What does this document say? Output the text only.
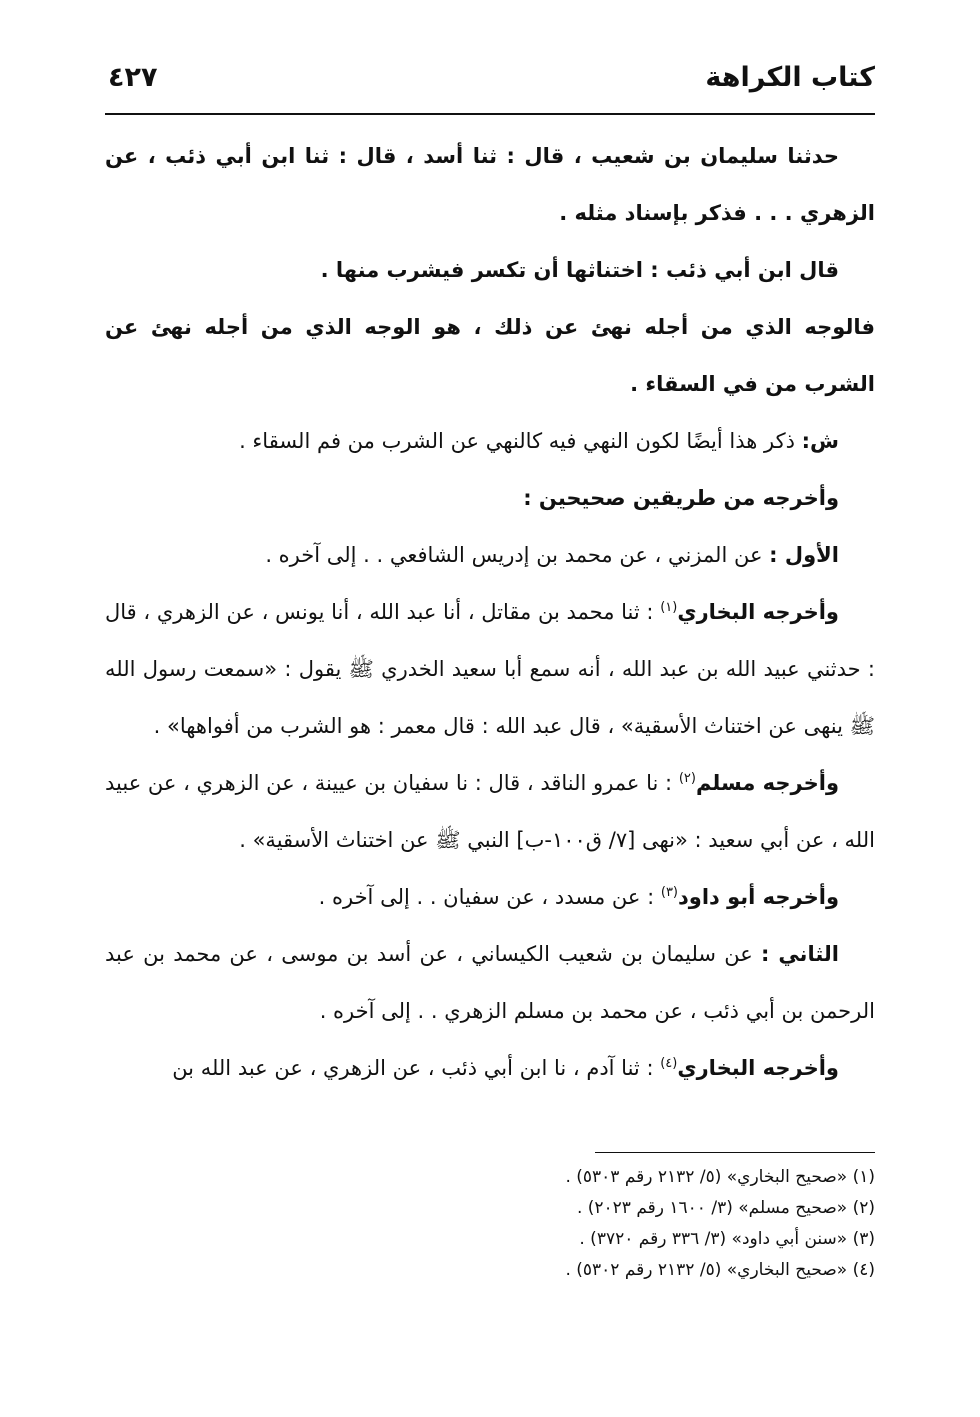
كتاب الكراهة
٤٢٧

حدثنا سليمان بن شعيب ، قال : ثنا أسد ، قال : ثنا ابن أبي ذئب ، عن الزهري . . . فذكر بإسناد مثله .

قال ابن أبي ذئب : اختناثها أن تكسر فيشرب منها .

فالوجه الذي من أجله نهئ عن ذلك ، هو الوجه الذي من أجله نهئ عن الشرب من في السقاء .

ش: ذكر هذا أيضًا لكون النهي فيه كالنهي عن الشرب من فم السقاء .

وأخرجه من طريقين صحيحين :

الأول : عن المزني ، عن محمد بن إدريس الشافعي . . إلى آخره .

وأخرجه البخاري$^{(١)}$ : ثنا محمد بن مقاتل ، أنا عبد الله ، أنا يونس ، عن الزهري ، قال : حدثني عبيد الله بن عبد الله ، أنه سمع أبا سعيد الخدري ﷺ يقول : «سمعت رسول الله ﷺ ينهى عن اختناث الأسقية» ، قال عبد الله : قال معمر : هو الشرب من أفواهها» .

وأخرجه مسلم$^{(٢)}$ : نا عمرو الناقد ، قال : نا سفيان بن عيينة ، عن الزهري ، عن عبيد الله ، عن أبي سعيد : «نهى [٧/ ق١٠٠-ب] النبي ﷺ عن اختناث الأسقية» .

وأخرجه أبو داود$^{(٣)}$ : عن مسدد ، عن سفيان . . إلى آخره .

الثاني : عن سليمان بن شعيب الكيساني ، عن أسد بن موسى ، عن محمد بن عبد الرحمن بن أبي ذئب ، عن محمد بن مسلم الزهري . . إلى آخره .

وأخرجه البخاري$^{(٤)}$ : ثنا آدم ، نا ابن أبي ذئب ، عن الزهري ، عن عبد الله بن

(١) «صحيح البخاري» (٥/ ٢١٣٢ رقم ٥٣٠٣) .

(٢) «صحيح مسلم» (٣/ ١٦٠٠ رقم ٢٠٢٣) .

(٣) «سنن أبي داود» (٣/ ٣٣٦ رقم ٣٧٢٠) .

(٤) «صحيح البخاري» (٥/ ٢١٣٢ رقم ٥٣٠٢) .
